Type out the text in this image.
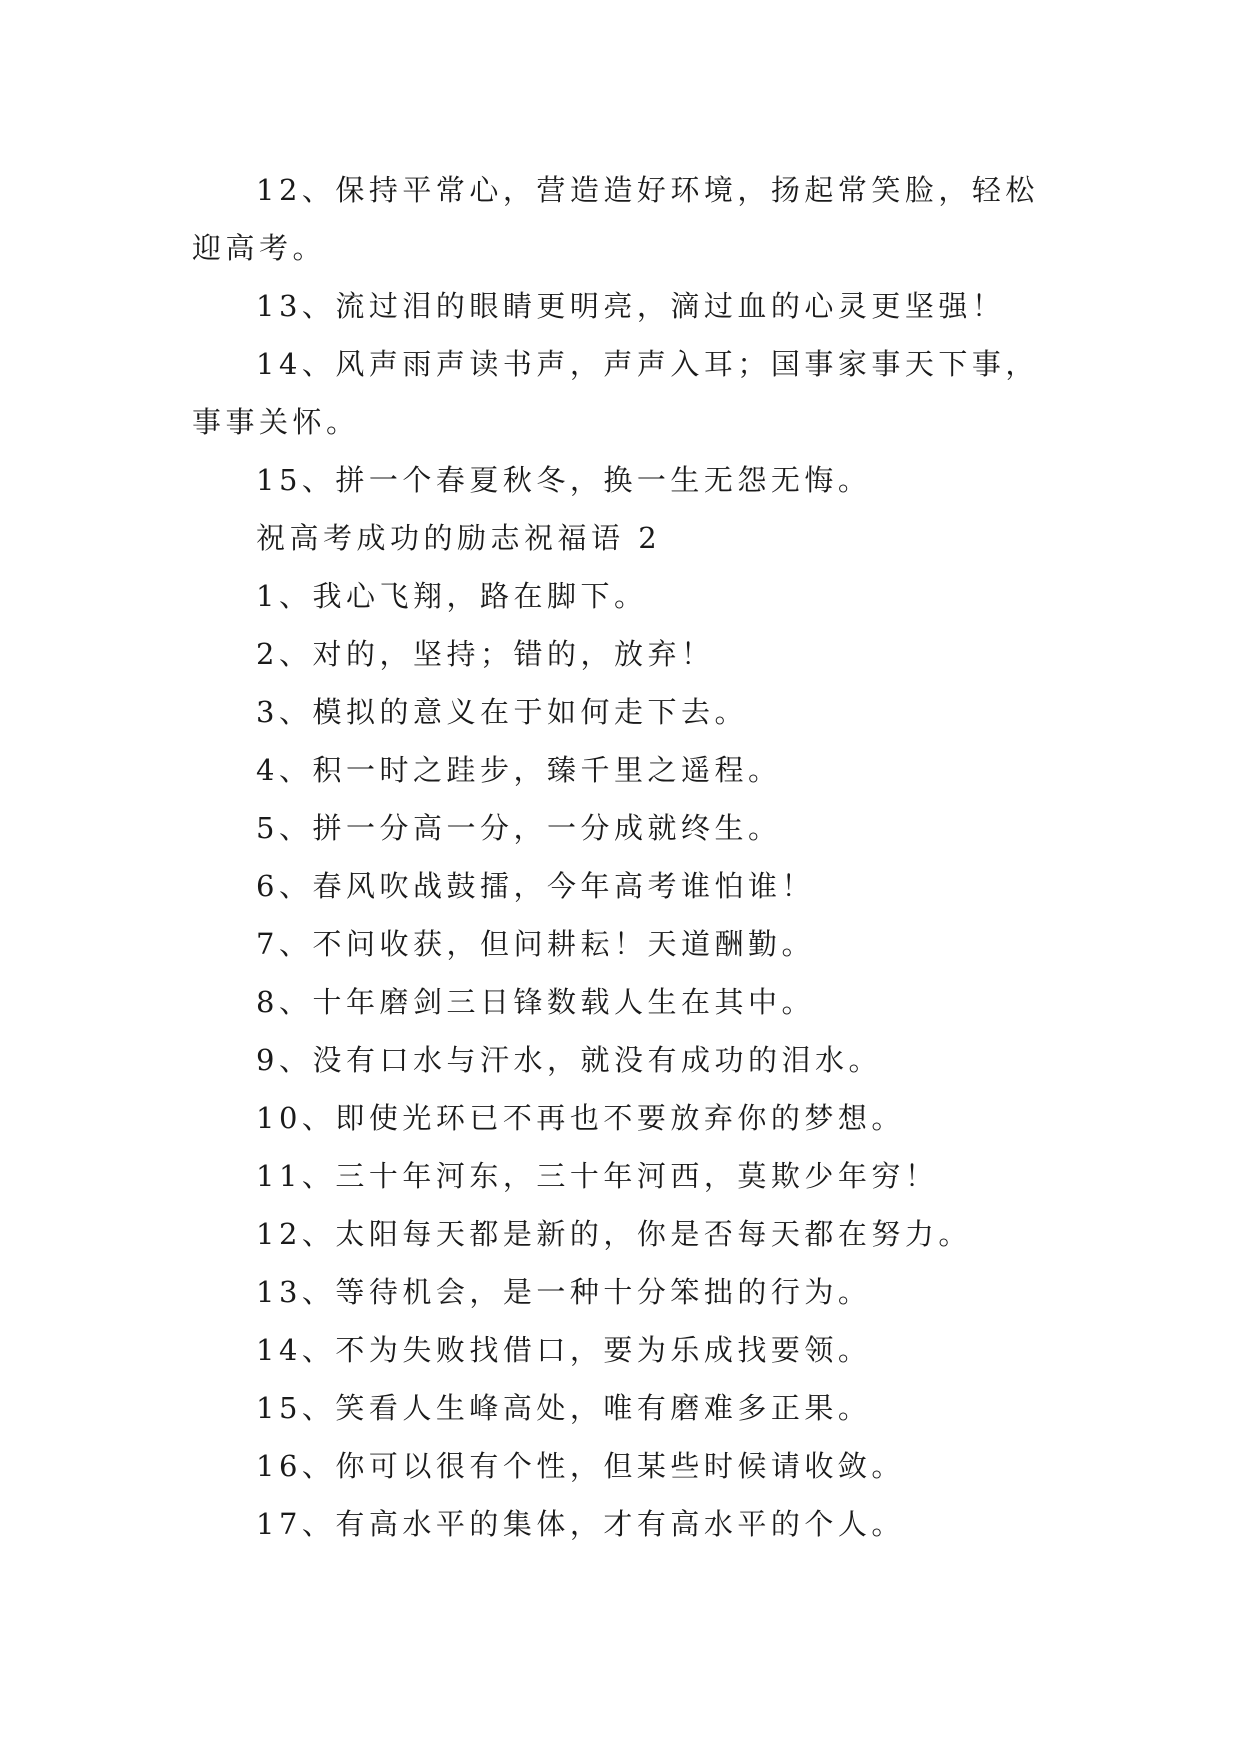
12、保持平常心，营造造好环境，扬起常笑脸，轻松迎高考。

13、流过泪的眼睛更明亮，滴过血的心灵更坚强！

14、风声雨声读书声，声声入耳；国事家事天下事，事事关怀。

15、拼一个春夏秋冬，换一生无怨无悔。

祝高考成功的励志祝福语 2

1、我心飞翔，路在脚下。

2、对的，坚持；错的，放弃！

3、模拟的意义在于如何走下去。

4、积一时之跬步，臻千里之遥程。

5、拼一分高一分，一分成就终生。

6、春风吹战鼓擂，今年高考谁怕谁！

7、不问收获，但问耕耘！天道酬勤。

8、十年磨剑三日锋数载人生在其中。

9、没有口水与汗水，就没有成功的泪水。

10、即使光环已不再也不要放弃你的梦想。

11、三十年河东，三十年河西，莫欺少年穷！

12、太阳每天都是新的，你是否每天都在努力。

13、等待机会，是一种十分笨拙的行为。

14、不为失败找借口，要为乐成找要领。

15、笑看人生峰高处，唯有磨难多正果。

16、你可以很有个性，但某些时候请收敛。

17、有高水平的集体，才有高水平的个人。
